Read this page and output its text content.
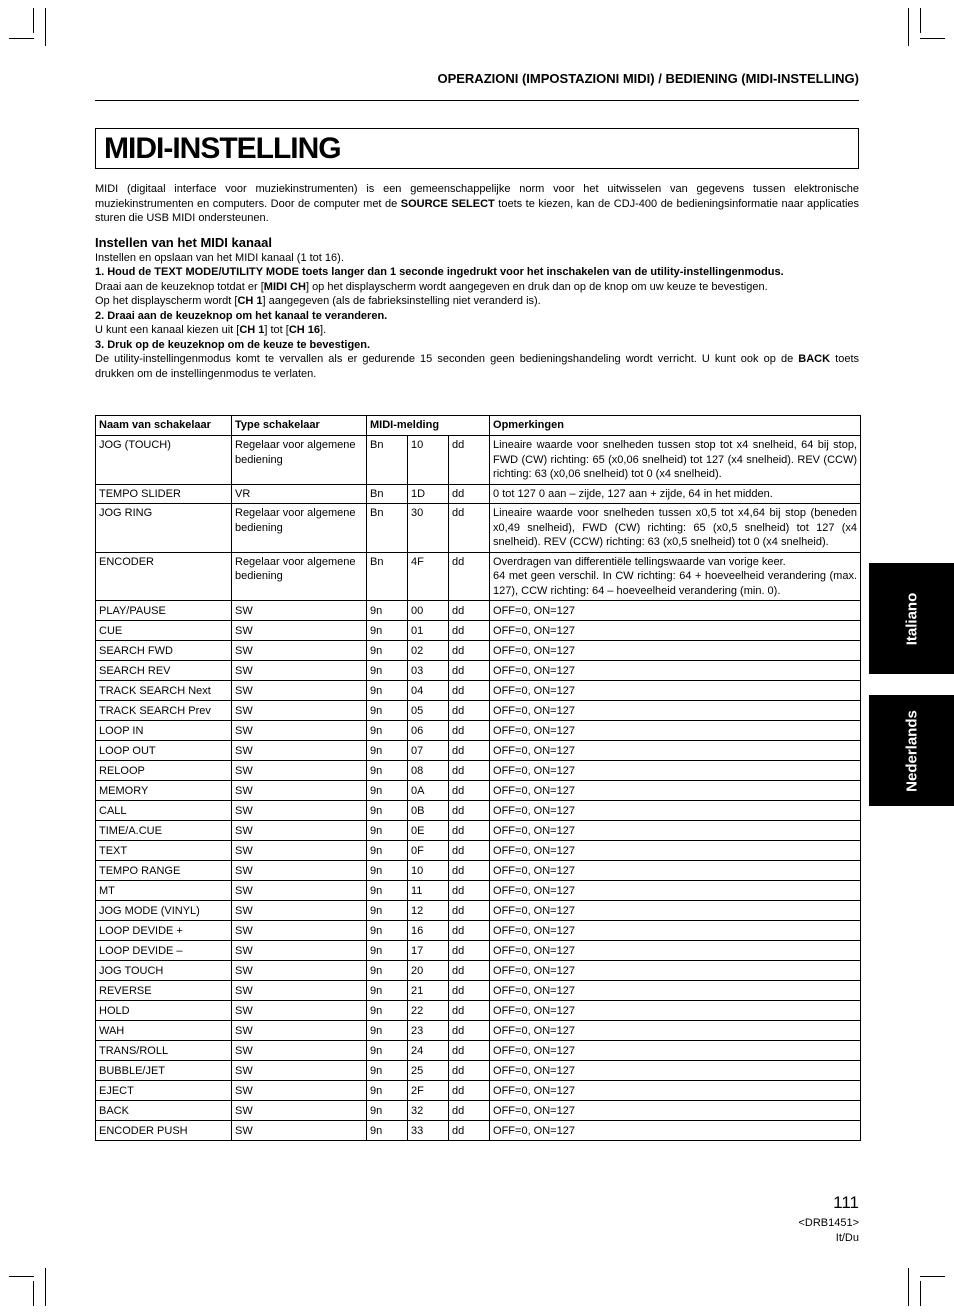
OPERAZIONI (IMPOSTAZIONI MIDI) / BEDIENING (MIDI-INSTELLING)
MIDI-INSTELLING

MIDI (digitaal interface voor muziekinstrumenten) is een gemeenschappelijke norm voor het uitwisselen van gegevens tussen elektronische muziekinstrumenten en computers. Door de computer met de SOURCE SELECT toets te kiezen, kan de CDJ-400 de bedieningsinformatie naar applicaties sturen die USB MIDI ondersteunen.

Instellen van het MIDI kanaal

Instellen en opslaan van het MIDI kanaal (1 tot 16).

1. Houd de TEXT MODE/UTILITY MODE toets langer dan 1 seconde ingedrukt voor het inschakelen van de utility-instellingenmodus.

Draai aan de keuzeknop totdat er [MIDI CH] op het displayscherm wordt aangegeven en druk dan op de knop om uw keuze te bevestigen.

Op het displayscherm wordt [CH 1] aangegeven (als de fabrieksinstelling niet veranderd is).

2. Draai aan de keuzeknop om het kanaal te veranderen.

U kunt een kanaal kiezen uit [CH 1] tot [CH 16].

3. Druk op de keuzeknop om de keuze te bevestigen.

De utility-instellingenmodus komt te vervallen als er gedurende 15 seconden geen bedieningshandeling wordt verricht. U kunt ook op de BACK toets drukken om de instellingenmodus te verlaten.

Naam van schakelaar	Type schakelaar	MIDI-melding			Opmerkingen
JOG (TOUCH)	Regelaar voor algemene bediening	Bn	10	dd	Lineaire waarde voor snelheden tussen stop tot x4 snelheid, 64 bij stop, FWD (CW) richting: 65 (x0,06 snelheid) tot 127 (x4 snelheid). REV (CCW) richting: 63 (x0,06 snelheid) tot 0 (x4 snelheid).
TEMPO SLIDER	VR	Bn	1D	dd	0 tot 127 0 aan – zijde, 127 aan + zijde, 64 in het midden.
JOG RING	Regelaar voor algemene bediening	Bn	30	dd	Lineaire waarde voor snelheden tussen x0,5 tot x4,64 bij stop (beneden x0,49 snelheid), FWD (CW) richting: 65 (x0,5 snelheid) tot 127 (x4 snelheid). REV (CCW) richting: 63 (x0,5 snelheid) tot 0 (x4 snelheid).
ENCODER	Regelaar voor algemene bediening	Bn	4F	dd	Overdragen van differentiële tellingswaarde van vorige keer.
64 met geen verschil. In CW richting: 64 + hoeveelheid verandering (max. 127), CCW richting: 64 – hoeveelheid verandering (min. 0).
PLAY/PAUSE	SW	9n	00	dd	OFF=0, ON=127
CUE	SW	9n	01	dd	OFF=0, ON=127
SEARCH FWD	SW	9n	02	dd	OFF=0, ON=127
SEARCH REV	SW	9n	03	dd	OFF=0, ON=127
TRACK SEARCH Next	SW	9n	04	dd	OFF=0, ON=127
TRACK SEARCH Prev	SW	9n	05	dd	OFF=0, ON=127
LOOP IN	SW	9n	06	dd	OFF=0, ON=127
LOOP OUT	SW	9n	07	dd	OFF=0, ON=127
RELOOP	SW	9n	08	dd	OFF=0, ON=127
MEMORY	SW	9n	0A	dd	OFF=0, ON=127
CALL	SW	9n	0B	dd	OFF=0, ON=127
TIME/A.CUE	SW	9n	0E	dd	OFF=0, ON=127
TEXT	SW	9n	0F	dd	OFF=0, ON=127
TEMPO RANGE	SW	9n	10	dd	OFF=0, ON=127
MT	SW	9n	11	dd	OFF=0, ON=127
JOG MODE (VINYL)	SW	9n	12	dd	OFF=0, ON=127
LOOP DEVIDE +	SW	9n	16	dd	OFF=0, ON=127
LOOP DEVIDE –	SW	9n	17	dd	OFF=0, ON=127
JOG TOUCH	SW	9n	20	dd	OFF=0, ON=127
REVERSE	SW	9n	21	dd	OFF=0, ON=127
HOLD	SW	9n	22	dd	OFF=0, ON=127
WAH	SW	9n	23	dd	OFF=0, ON=127
TRANS/ROLL	SW	9n	24	dd	OFF=0, ON=127
BUBBLE/JET	SW	9n	25	dd	OFF=0, ON=127
EJECT	SW	9n	2F	dd	OFF=0, ON=127
BACK	SW	9n	32	dd	OFF=0, ON=127
ENCODER PUSH	SW	9n	33	dd	OFF=0, ON=127
Italiano
Nederlands
111
<DRB1451>
It/Du
